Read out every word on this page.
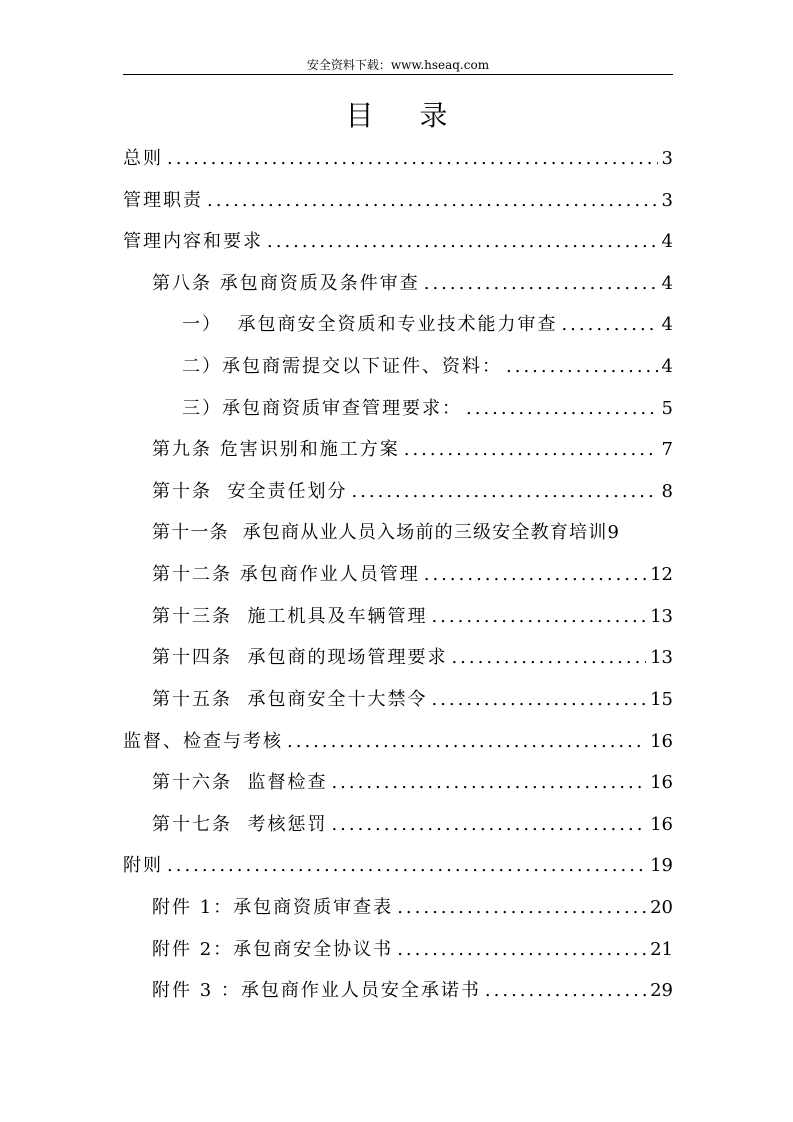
安全资料下载：www.hseaq.com
目 录
总则 .....	3
管理职责 .....	3
管理内容和要求 .....	4
第八条 承包商资质及条件审查 .....	4
一）  承包商安全资质和专业技术能力审查 .....	4
二）承包商需提交以下证件、资料： .....	4
三）承包商资质审查管理要求： .....	5
第九条 危害识别和施工方案 .....	7
第十条  安全责任划分 .....	8
第十一条  承包商从业人员入场前的三级安全教育培训 9
第十二条 承包商作业人员管理 .....	12
第十三条  施工机具及车辆管理 .....	13
第十四条  承包商的现场管理要求 .....	13
第十五条  承包商安全十大禁令 .....	15
监督、检查与考核 .....	16
第十六条  监督检查 .....	16
第十七条  考核惩罚 .....	16
附则 .....	19
附件 1：承包商资质审查表 .....	20
附件 2：承包商安全协议书 .....	21
附件 3 ：承包商作业人员安全承诺书 .....	29
